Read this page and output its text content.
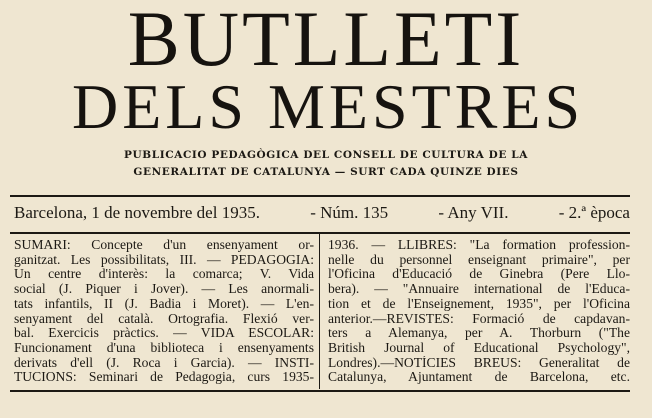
BUTLLETI
DELS MESTRES
PUBLICACIO PEDAGÒGICA DEL CONSELL DE CULTURA DE LA
GENERALITAT DE CATALUNYA — SURT CADA QUINZE DIES
Barcelona, 1 de novembre del 1935.	- Núm. 135	- Any VII.	- 2.ª època
SUMARI: Concepte d'un ensenyament or-
ganitzat. Les possibilitats, III. — PEDAGOGIA:
Un centre d'interès: la comarca; V. Vida
social (J. Piquer i Jover). — Les anormali-
tats infantils, II (J. Badia i Moret). — L'en-
senyament del català. Ortografia. Flexió ver-
bal. Exercicis pràctics. — VIDA ESCOLAR:
Funcionament d'una biblioteca i ensenyaments
derivats d'ell (J. Roca i Garcia). — INSTI-
TUCIONS: Seminari de Pedagogia, curs 1935-
1936. — LLIBRES: "La formation profession-
nelle du personnel enseignant primaire", per
l'Oficina d'Educació de Ginebra (Pere Llo-
bera). — "Annuaire international de l'Educa-
tion et de l'Enseignement, 1935", per l'Oficina
anterior.—REVISTES: Formació de capdavan-
ters a Alemanya, per A. Thorburn ("The
British Journal of Educational Psychology",
Londres).—NOTÍCIES BREUS: Generalitat de
Catalunya, Ajuntament de Barcelona, etc.
